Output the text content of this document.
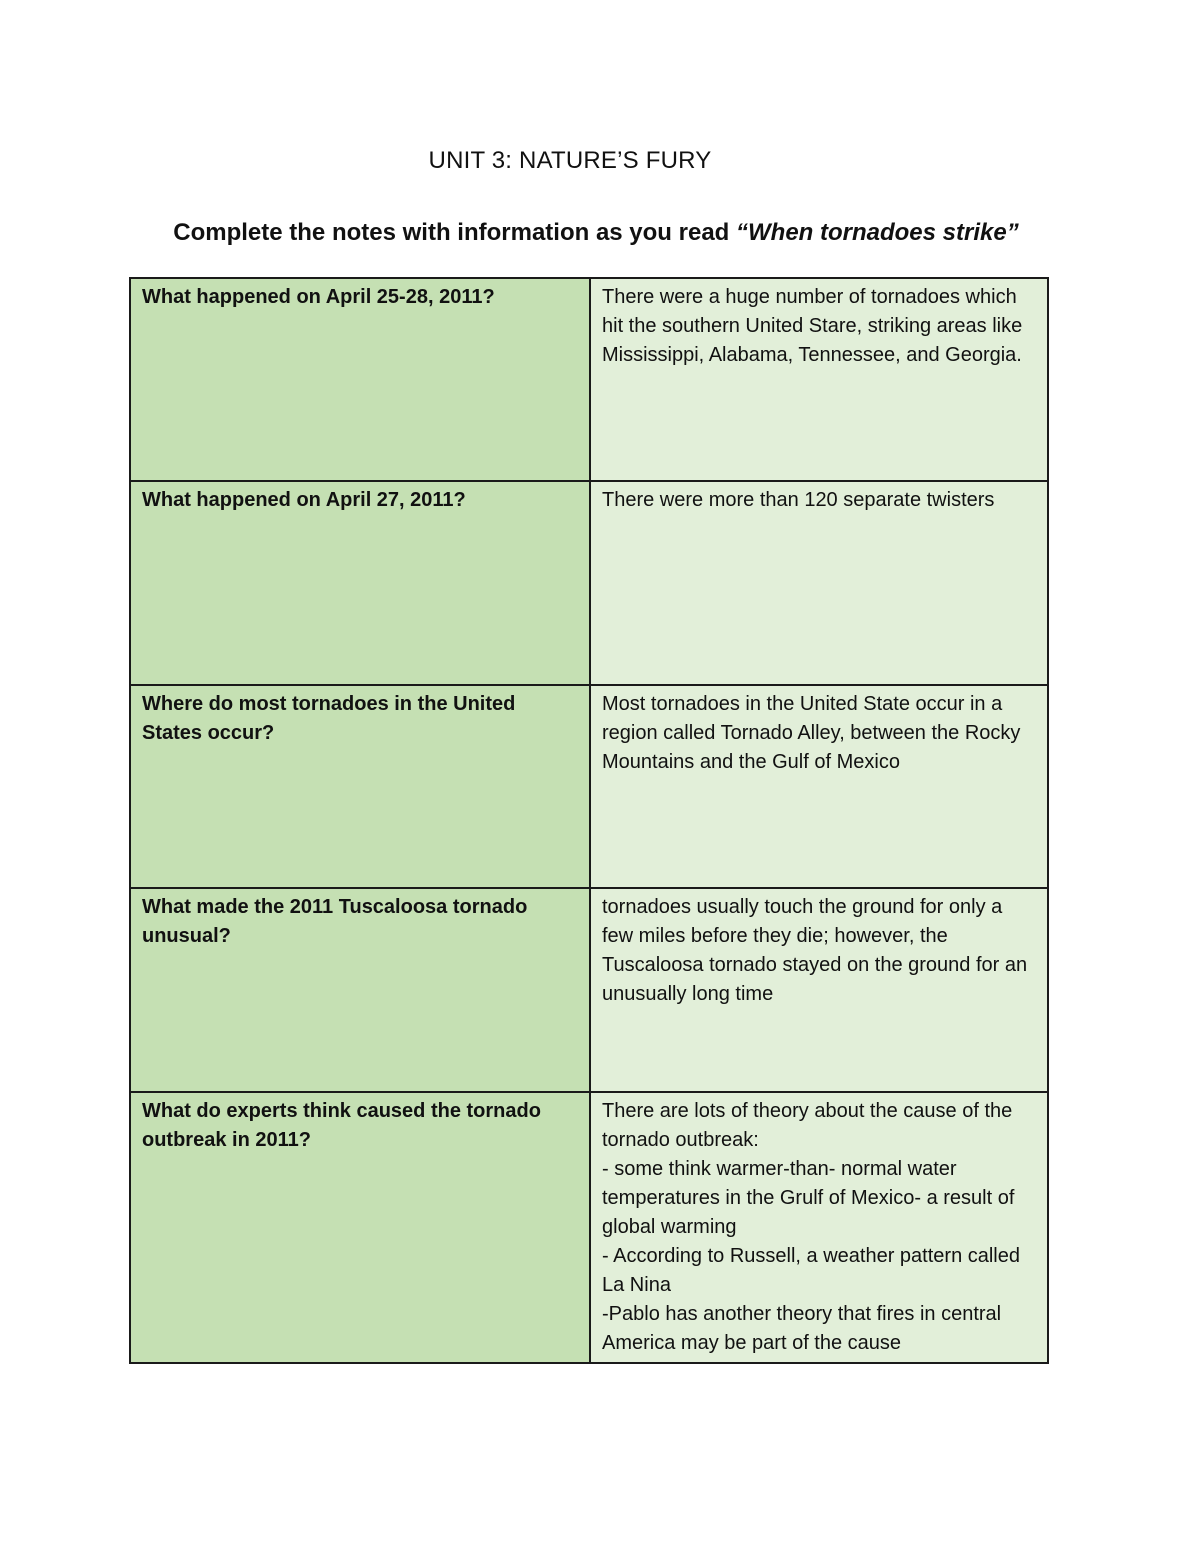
UNIT 3: NATURE’S FURY
Complete the notes with information as you read “When tornadoes strike”
What happened on April 25-28, 2011?	There were a huge number of tornadoes which hit the southern United Stare, striking areas like Mississippi, Alabama, Tennessee, and Georgia.

What happened on April 27, 2011?	There were more than 120 separate twisters

Where do most tornadoes in the United States occur?	Most tornadoes in the United State occur in a region called Tornado Alley, between the Rocky Mountains and the Gulf of Mexico

What made the 2011 Tuscaloosa tornado unusual?	tornadoes usually touch the ground for only a few miles before they die; however, the Tuscaloosa tornado stayed on the ground for an unusually long time

What do experts think caused the tornado outbreak in 2011?	There are lots of theory about the cause of the tornado outbreak:
- some think warmer-than- normal water temperatures in the Grulf of Mexico- a result of global warming
- According to Russell, a weather pattern called La Nina
-Pablo has another theory that fires in central America may be part of the cause
